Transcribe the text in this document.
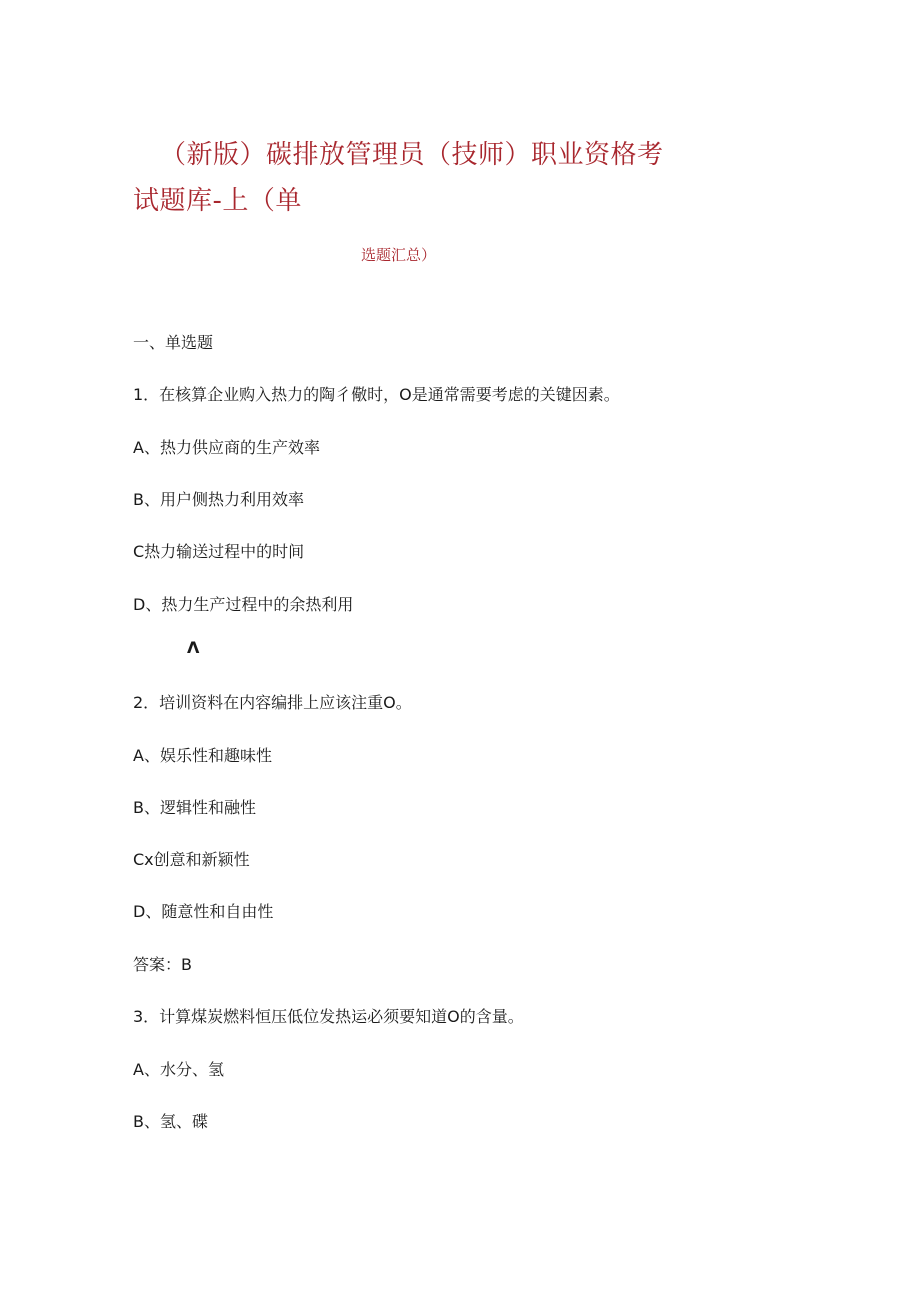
（新版）碳排放管理员（技师）职业资格考
试题库-上（单
选题汇总）
一、单选题
1．在核算企业购入热力的陶彳儆时，O是通常需要考虑的关键因素。
A、热力供应商的生产效率
B、用户侧热力利用效率
C热力输送过程中的时间
D、热力生产过程中的余热利用
Λ
2．培训资料在内容编排上应该注重O。
A、娱乐性和趣味性
B、逻辑性和融性
Cx创意和新颍性
D、随意性和自由性
答案：B
3．计算煤炭燃料恒压低位发热运必须要知道O的含量。
A、水分、氢
B、氢、碟
